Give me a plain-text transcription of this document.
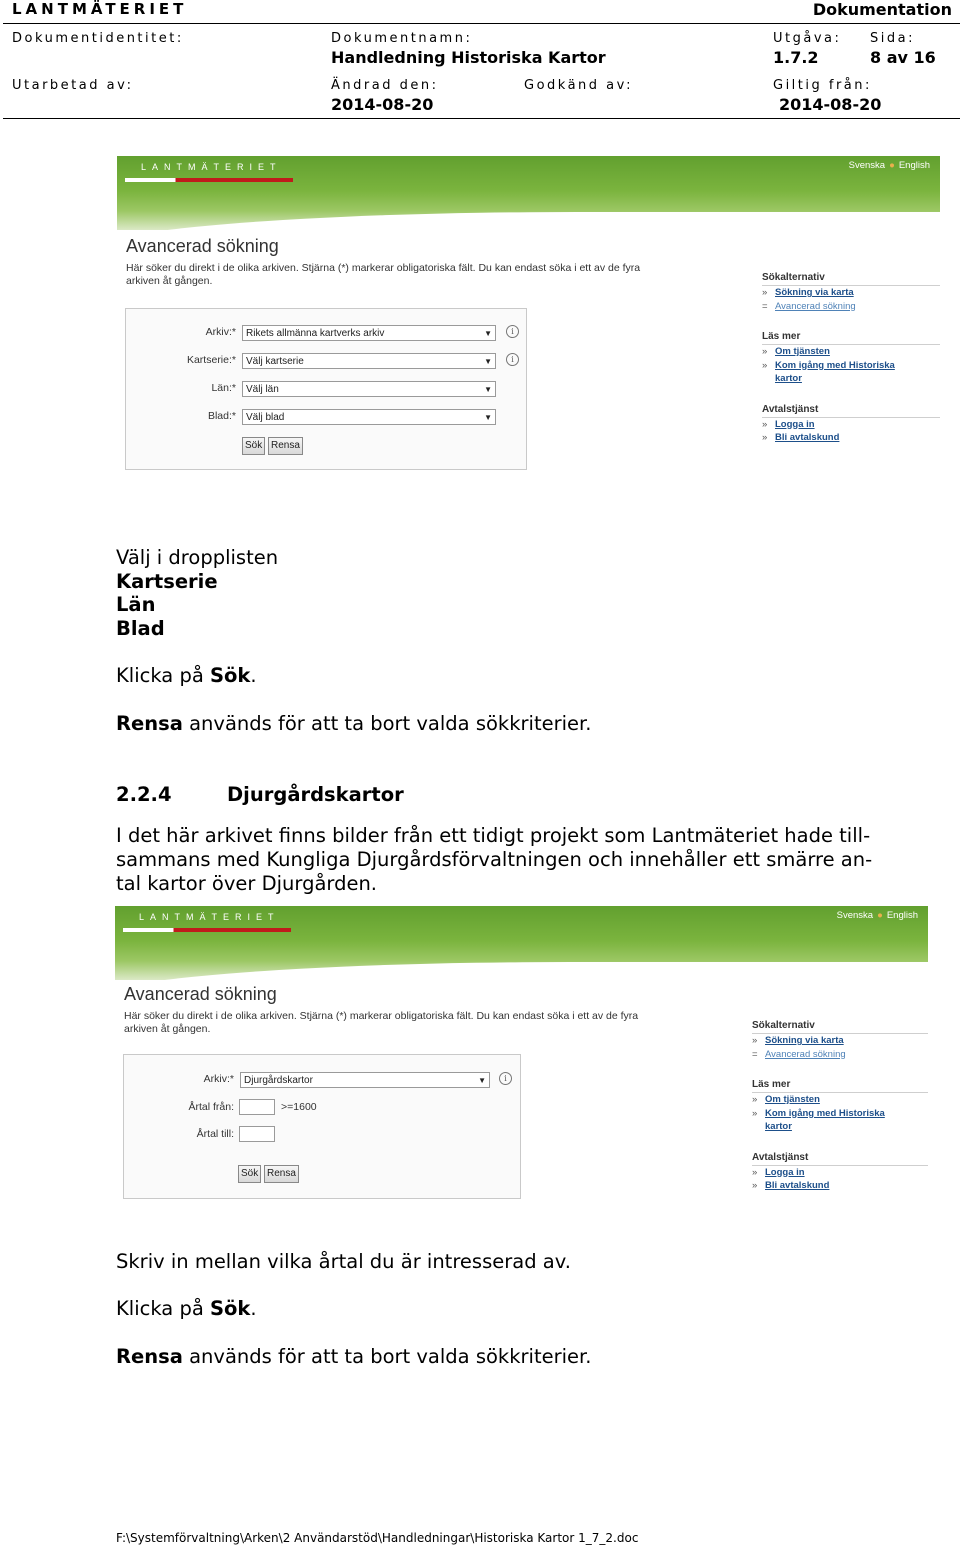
LANTMÄTERIET	Dokumentation
Dokumentidentitet:	Dokumentnamn:
Handledning Historiska Kartor
Utgåva:
1.7.2
Sida:
8 av 16
Utarbetad av:	Ändrad den:
2014-08-20
Godkänd av:	Giltig från:
2014-08-20
LANTMÄTERIET	Svenska ● English
Avancerad sökning
Här söker du direkt i de olika arkiven. Stjärna (*) markerar obligatoriska fält. Du kan endast söka i ett av de fyra
arkiven åt gången.
Arkiv:*	Rikets allmänna kartverks arkiv	▼	i
Kartserie:*	Välj kartserie	▼	i
Län:*	Välj län	▼
Blad:*	Välj blad	▼
Sök Rensa
Sökalternativ
» Sökning via karta
= Avancerad sökning
Läs mer
» Om tjänsten
» Kom igång med Historiska
kartor
Avtalstjänst
» Logga in
» Bli avtalskund
Välj i dropplisten
Kartserie
Län
Blad
Klicka på Sök.
Rensa används för att ta bort valda sökkriterier.
2.2.4	Djurgårdskartor
I det här arkivet finns bilder från ett tidigt projekt som Lantmäteriet hade till-
sammans med Kungliga Djurgårdsförvaltningen och innehåller ett smärre an-
tal kartor över Djurgården.
LANTMÄTERIET	Svenska ● English
Avancerad sökning
Här söker du direkt i de olika arkiven. Stjärna (*) markerar obligatoriska fält. Du kan endast söka i ett av de fyra
arkiven åt gången.
Arkiv:*	Djurgårdskartor	▼	i
Årtal från:	>=1600
Årtal till:
Sök Rensa
Sökalternativ
» Sökning via karta
= Avancerad sökning
Läs mer
» Om tjänsten
» Kom igång med Historiska
kartor
Avtalstjänst
» Logga in
» Bli avtalskund
Skriv in mellan vilka årtal du är intresserad av.
Klicka på Sök.
Rensa används för att ta bort valda sökkriterier.
F:\Systemförvaltning\Arken\2 Användarstöd\Handledningar\Historiska Kartor 1_7_2.doc
